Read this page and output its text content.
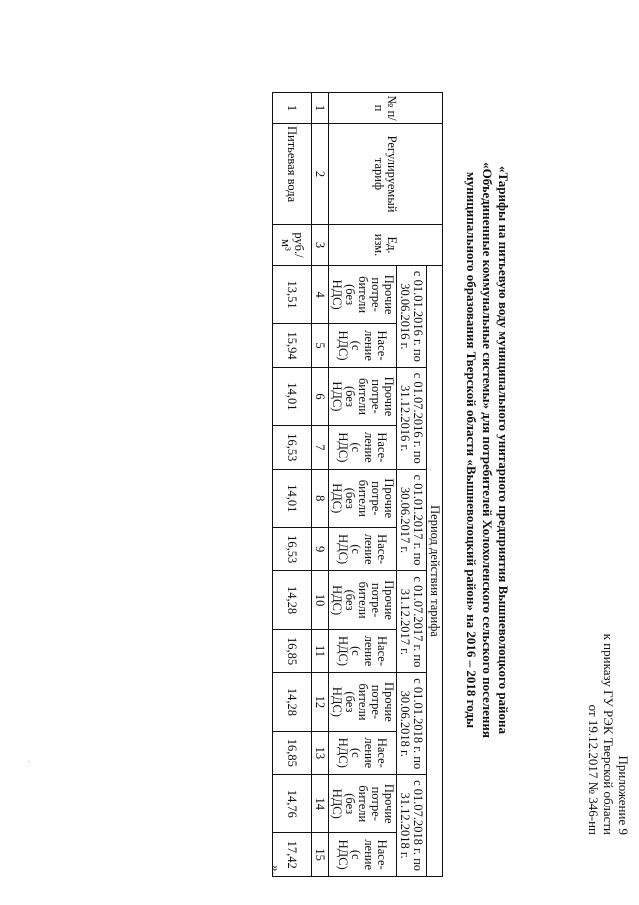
Приложение 9
к приказу ГУ РЭК Тверской области
от 19.12.2017 № 346-нп
«Тарифы на питьевую воду муниципального унитарного предприятия Вышневолоцкого района
«Объединенные коммунальные системы» для потребителей Холохоленского сельского поселения
муниципального образования Тверской области «Вышневолоцкий район» на 2016 – 2018 годы
№ п/ п	Регулируемый тариф	Ед. изм.	Период действия тарифа											
			с 01.01.2016 г. по 30.06.2016 г.		с 01.07.2016 г. по 31.12.2016 г.		с 01.01.2017 г. по 30.06.2017 г.		с 01.07.2017 г. по 31.12.2017 г.		с 01.01.2018 г. по 30.06.2018 г.		с 01.07.2018 г. по 31.12.2018 г.	
			Прочие потре- бители (без НДС)	Насе- ление (с НДС)	Прочие потре- бители (без НДС)	Насе- ление (с НДС)	Прочие потре- бители (без НДС)	Насе- ление (с НДС)	Прочие потре- бители (без НДС)	Насе- ление (с НДС)	Прочие потре- бители (без НДС)	Насе- ление (с НДС)	Прочие потре- бители (без НДС)	Насе- ление (с НДС)
1	2	3	4	5	6	7	8	9	10	11	12	13	14	15
1	Питьевая вода	руб./м³	13,51	15,94	14,01	16,53	14,01	16,53	14,28	16,85	14,28	16,85	14,76	17,42
».
·
